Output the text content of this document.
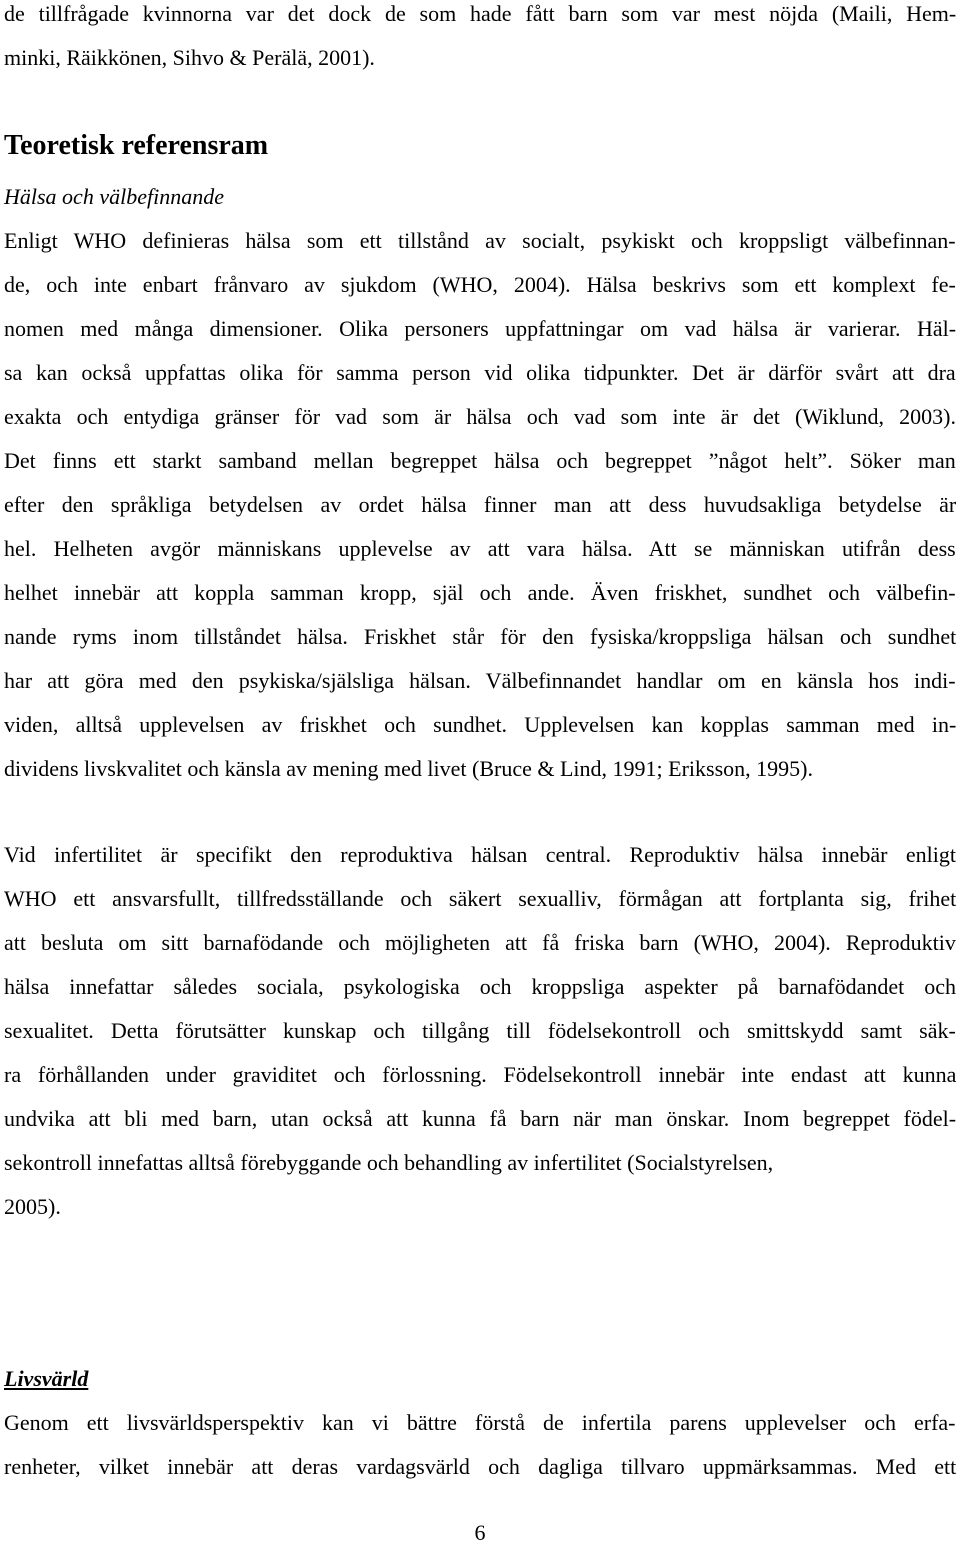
de tillfrågade kvinnorna var det dock de som hade fått barn som var mest nöjda (Maili, Hem-
minki, Räikkönen, Sihvo & Perälä, 2001).
Teoretisk referensram
Hälsa och välbefinnande
Enligt WHO definieras hälsa som ett tillstånd av socialt, psykiskt och kroppsligt välbefinnan-
de, och inte enbart frånvaro av sjukdom (WHO, 2004). Hälsa beskrivs som ett komplext fe-
nomen med många dimensioner. Olika personers uppfattningar om vad hälsa är varierar. Häl-
sa kan också uppfattas olika för samma person vid olika tidpunkter. Det är därför svårt att dra
exakta och entydiga gränser för vad som är hälsa och vad som inte är det (Wiklund, 2003).
Det finns ett starkt samband mellan begreppet hälsa och begreppet ”något helt”. Söker man
efter den språkliga betydelsen av ordet hälsa finner man att dess huvudsakliga betydelse är
hel. Helheten avgör människans upplevelse av att vara hälsa. Att se människan utifrån dess
helhet innebär att koppla samman kropp, själ och ande. Även friskhet, sundhet och välbefin-
nande ryms inom tillståndet hälsa. Friskhet står för den fysiska/kroppsliga hälsan och sundhet
har att göra med den psykiska/själsliga hälsan. Välbefinnandet handlar om en känsla hos indi-
viden, alltså upplevelsen av friskhet och sundhet. Upplevelsen kan kopplas samman med in-
dividens livskvalitet och känsla av mening med livet (Bruce & Lind, 1991; Eriksson, 1995).
Vid infertilitet är specifikt den reproduktiva hälsan central. Reproduktiv hälsa innebär enligt
WHO ett ansvarsfullt, tillfredsställande och säkert sexualliv, förmågan att fortplanta sig, frihet
att besluta om sitt barnafödande och möjligheten att få friska barn (WHO, 2004). Reproduktiv
hälsa innefattar således sociala, psykologiska och kroppsliga aspekter på barnafödandet och
sexualitet. Detta förutsätter kunskap och tillgång till födelsekontroll och smittskydd samt säk-
ra förhållanden under graviditet och förlossning. Födelsekontroll innebär inte endast att kunna
undvika att bli med barn, utan också att kunna få barn när man önskar. Inom begreppet födel-
sekontroll innefattas alltså förebyggande och behandling av infertilitet (Socialstyrelsen,
2005).
Livsvärld
Genom ett livsvärldsperspektiv kan vi bättre förstå de infertila parens upplevelser och erfa-
renheter, vilket innebär att deras vardagsvärld och dagliga tillvaro uppmärksammas. Med ett
6
